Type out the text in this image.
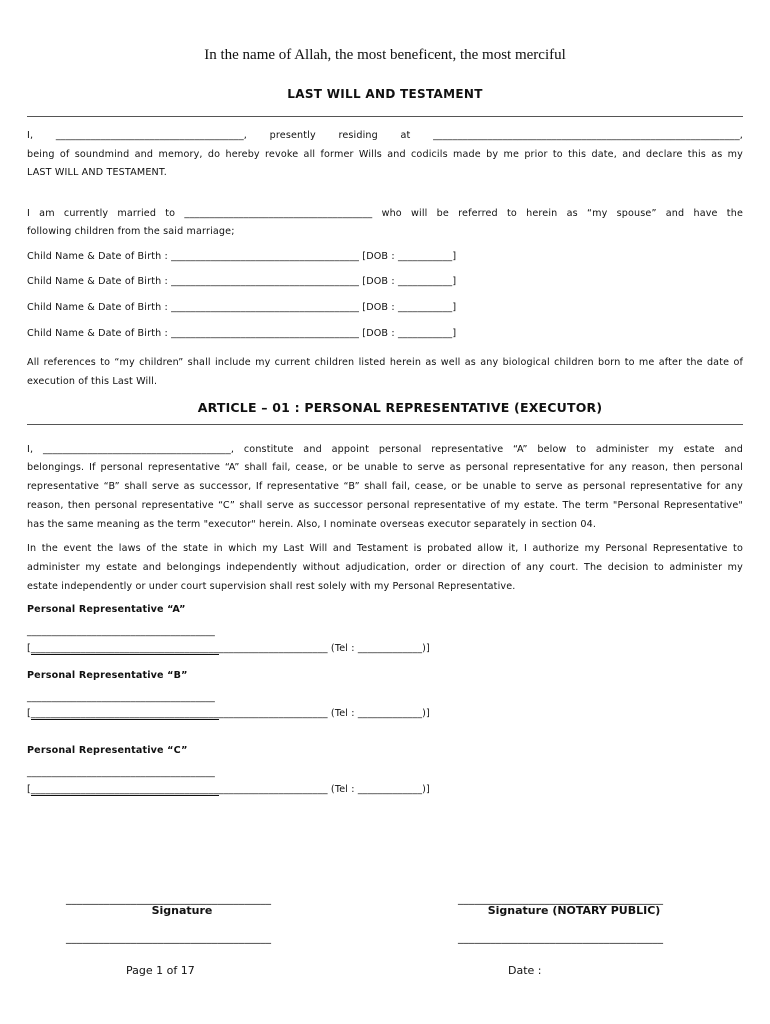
In the name of Allah, the most beneficent, the most merciful
LAST WILL AND TESTAMENT
I, ______________________________________, presently residing at ______________________________________________________________,
being of soundmind and memory, do hereby revoke all former Wills and codicils made by me prior to this date, and declare this as my
LAST WILL AND TESTAMENT.
I am currently married to ______________________________________ who will be referred to herein as “my spouse” and have the
following children from the said marriage;
Child Name & Date of Birth : ______________________________________ [DOB : ___________]
Child Name & Date of Birth : ______________________________________ [DOB : ___________]
Child Name & Date of Birth : ______________________________________ [DOB : ___________]
Child Name & Date of Birth : ______________________________________ [DOB : ___________]
All references to “my children” shall include my current children listed herein as well as any biological children born to me after the date of
execution of this Last Will.
ARTICLE – 01 : PERSONAL REPRESENTATIVE (EXECUTOR)
I, ______________________________________, constitute and appoint personal representative “A” below to administer my estate and
belongings. If personal representative “A” shall fail, cease, or be unable to serve as personal representative for any reason, then personal
representative “B” shall serve as successor, If representative “B” shall fail, cease, or be unable to serve as personal representative for any
reason, then personal representative “C” shall serve as successor personal representative of my estate. The term "Personal Representative"
has the same meaning as the term "executor" herein. Also, I nominate overseas executor separately in section 04.
In the event the laws of the state in which my Last Will and Testament is probated allow it, I authorize my Personal Representative to
administer my estate and belongings independently without adjudication, order or direction of any court. The decision to administer my
estate independently or under court supervision shall rest solely with my Personal Representative.
Personal Representative “A”
______________________________________
[____________________________________________________________ (Tel : _____________)]
Personal Representative “B”
______________________________________
[____________________________________________________________ (Tel : _____________)]
Personal Representative “C”
______________________________________
[____________________________________________________________ (Tel : _____________)]
______________________________________
Signature
______________________________________
Signature (NOTARY PUBLIC)
______________________________________	______________________________________
Page 1 of 17	Date :
